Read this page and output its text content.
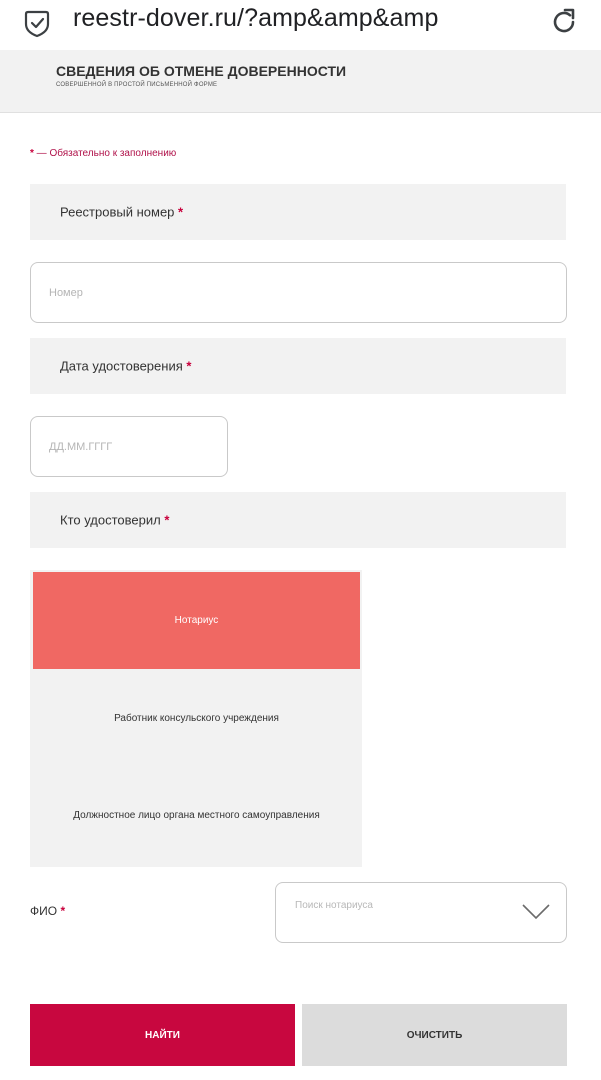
reestr-dover.ru/?amp&amp&amp
СВЕДЕНИЯ ОБ ОТМЕНЕ ДОВЕРЕННОСТИ
СОВЕРШЕННОЙ В ПРОСТОЙ ПИСЬМЕННОЙ ФОРМЕ
* — Обязательно к заполнению
Реестровый номер *
Номер
Дата удостоверения *
ДД.ММ.ГГГГ
Кто удостоверил *
Нотариус
Работник консульского учреждения
Должностное лицо органа местного самоуправления
ФИО *	Поиск нотариуса
НАЙТИ	ОЧИСТИТЬ
